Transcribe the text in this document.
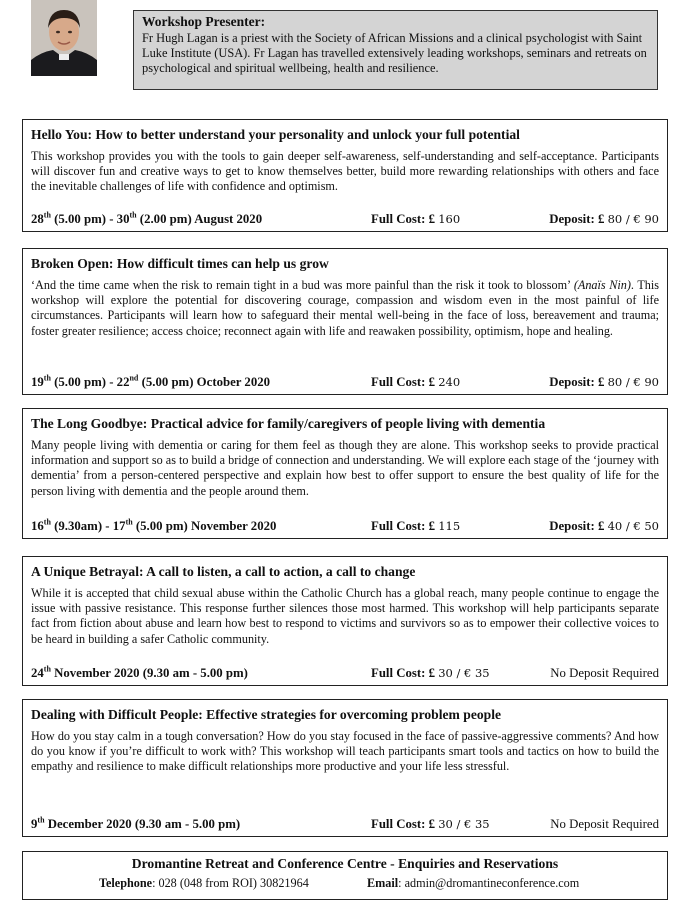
Workshop Presenter:
Fr Hugh Lagan is a priest with the Society of African Missions and a clinical psychologist with Saint Luke Institute (USA). Fr Lagan has travelled extensively leading workshops, seminars and retreats on psychological and spiritual wellbeing, health and resilience.
Hello You: How to better understand your personality and unlock your full potential
This workshop provides you with the tools to gain deeper self-awareness, self-understanding and self-acceptance. Participants will discover fun and creative ways to get to know themselves better, build more rewarding relationships with others and face the inevitable challenges of life with confidence and optimism.
28th (5.00 pm) - 30th (2.00 pm) August 2020	Full Cost: £ 160	Deposit: £ 80 / € 90
Broken Open: How difficult times can help us grow
‘And the time came when the risk to remain tight in a bud was more painful than the risk it took to blossom’ (Anaïs Nin). This workshop will explore the potential for discovering courage, compassion and wisdom even in the most painful of life circumstances. Participants will learn how to safeguard their mental well-being in the face of loss, bereavement and trauma; foster greater resilience; access choice; reconnect again with life and reawaken possibility, optimism, hope and healing.
19th (5.00 pm) - 22nd (5.00 pm) October 2020	Full Cost: £ 240	Deposit: £ 80 / € 90
The Long Goodbye: Practical advice for family/caregivers of people living with dementia
Many people living with dementia or caring for them feel as though they are alone. This workshop seeks to provide practical information and support so as to build a bridge of connection and understanding. We will explore each stage of the ‘journey with dementia’ from a person-centered perspective and explain how best to offer support to ensure the best quality of life for the person living with dementia and the people around them.
16th (9.30am) - 17th (5.00 pm) November 2020	Full Cost: £ 115	Deposit: £ 40 / € 50
A Unique Betrayal: A call to listen, a call to action, a call to change
While it is accepted that child sexual abuse within the Catholic Church has a global reach, many people continue to engage the issue with passive resistance. This response further silences those most harmed. This workshop will help participants separate fact from fiction about abuse and learn how best to respond to victims and survivors so as to empower their collective voices to be heard in building a safer Catholic community.
24th November 2020 (9.30 am - 5.00 pm)	Full Cost: £ 30 / € 35	No Deposit Required
Dealing with Difficult People: Effective strategies for overcoming problem people
How do you stay calm in a tough conversation? How do you stay focused in the face of passive-aggressive comments? And how do you know if you’re difficult to work with? This workshop will teach participants smart tools and tactics on how to build the empathy and resilience to make difficult relationships more productive and your life less stressful.
9th December 2020 (9.30 am - 5.00 pm)	Full Cost: £ 30 / € 35	No Deposit Required
Dromantine Retreat and Conference Centre - Enquiries and Reservations
Telephone: 028 (048 from ROI) 30821964	Email: admin@dromantineconference.com
